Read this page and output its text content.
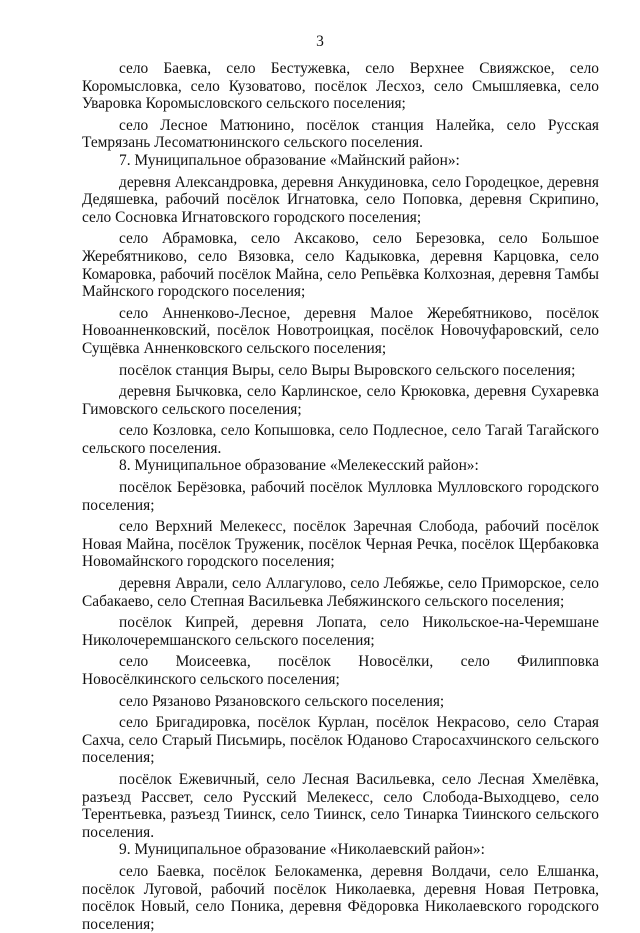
3

село Баевка, село Бестужевка, село Верхнее Свияжское, село Коромысловка, село Кузоватово, посёлок Лесхоз, село Смышляевка, село Уваровка Коромысловского сельского поселения;

село Лесное Матюнино, посёлок станция Налейка, село Русская Темрязань Лесоматюнинского сельского поселения.

7. Муниципальное образование «Майнский район»:

деревня Александровка, деревня Анкудиновка, село Городецкое, деревня Дедяшевка, рабочий посёлок Игнатовка, село Поповка, деревня Скрипино, село Сосновка Игнатовского городского поселения;

село Абрамовка, село Аксаково, село Березовка, село Большое Жеребятниково, село Вязовка, село Кадыковка, деревня Карцовка, село Комаровка, рабочий посёлок Майна, село Репьёвка Колхозная, деревня Тамбы Майнского городского поселения;

село Анненково-Лесное, деревня Малое Жеребятниково, посёлок Новоанненковский, посёлок Новотроицкая, посёлок Новочуфаровский, село Сущёвка Анненковского сельского поселения;

посёлок станция Выры, село Выры Выровского сельского поселения;

деревня Бычковка, село Карлинское, село Крюковка, деревня Сухаревка Гимовского сельского поселения;

село Козловка, село Копышовка, село Подлесное, село Тагай Тагайского сельского поселения.

8. Муниципальное образование «Мелекесский район»:

посёлок Берёзовка, рабочий посёлок Мулловка Мулловского городского поселения;

село Верхний Мелекесс, посёлок Заречная Слобода, рабочий посёлок Новая Майна, посёлок Труженик, посёлок Черная Речка, посёлок Щербаковка Новомайнского городского поселения;

деревня Аврали, село Аллагулово, село Лебяжье, село Приморское, село Сабакаево, село Степная Васильевка Лебяжинского сельского поселения;

посёлок Кипрей, деревня Лопата, село Никольское-на-Черемшане Николочеремшанского сельского поселения;

село Моисеевка, посёлок Новосёлки, село Филипповка Новосёлкинского сельского поселения;

село Рязаново Рязановского сельского поселения;

село Бригадировка, посёлок Курлан, посёлок Некрасово, село Старая Сахча, село Старый Письмирь, посёлок Юданово Старосахчинского сельского поселения;

посёлок Ежевичный, село Лесная Васильевка, село Лесная Хмелёвка, разъезд Рассвет, село Русский Мелекесс, село Слобода-Выходцево, село Терентьевка, разъезд Тиинск, село Тиинск, село Тинарка Тиинского сельского поселения.

9. Муниципальное образование «Николаевский район»:

село Баевка, посёлок Белокаменка, деревня Волдачи, село Елшанка, посёлок Луговой, рабочий посёлок Николаевка, деревня Новая Петровка, посёлок Новый, село Поника, деревня Фёдоровка Николаевского городского поселения;
